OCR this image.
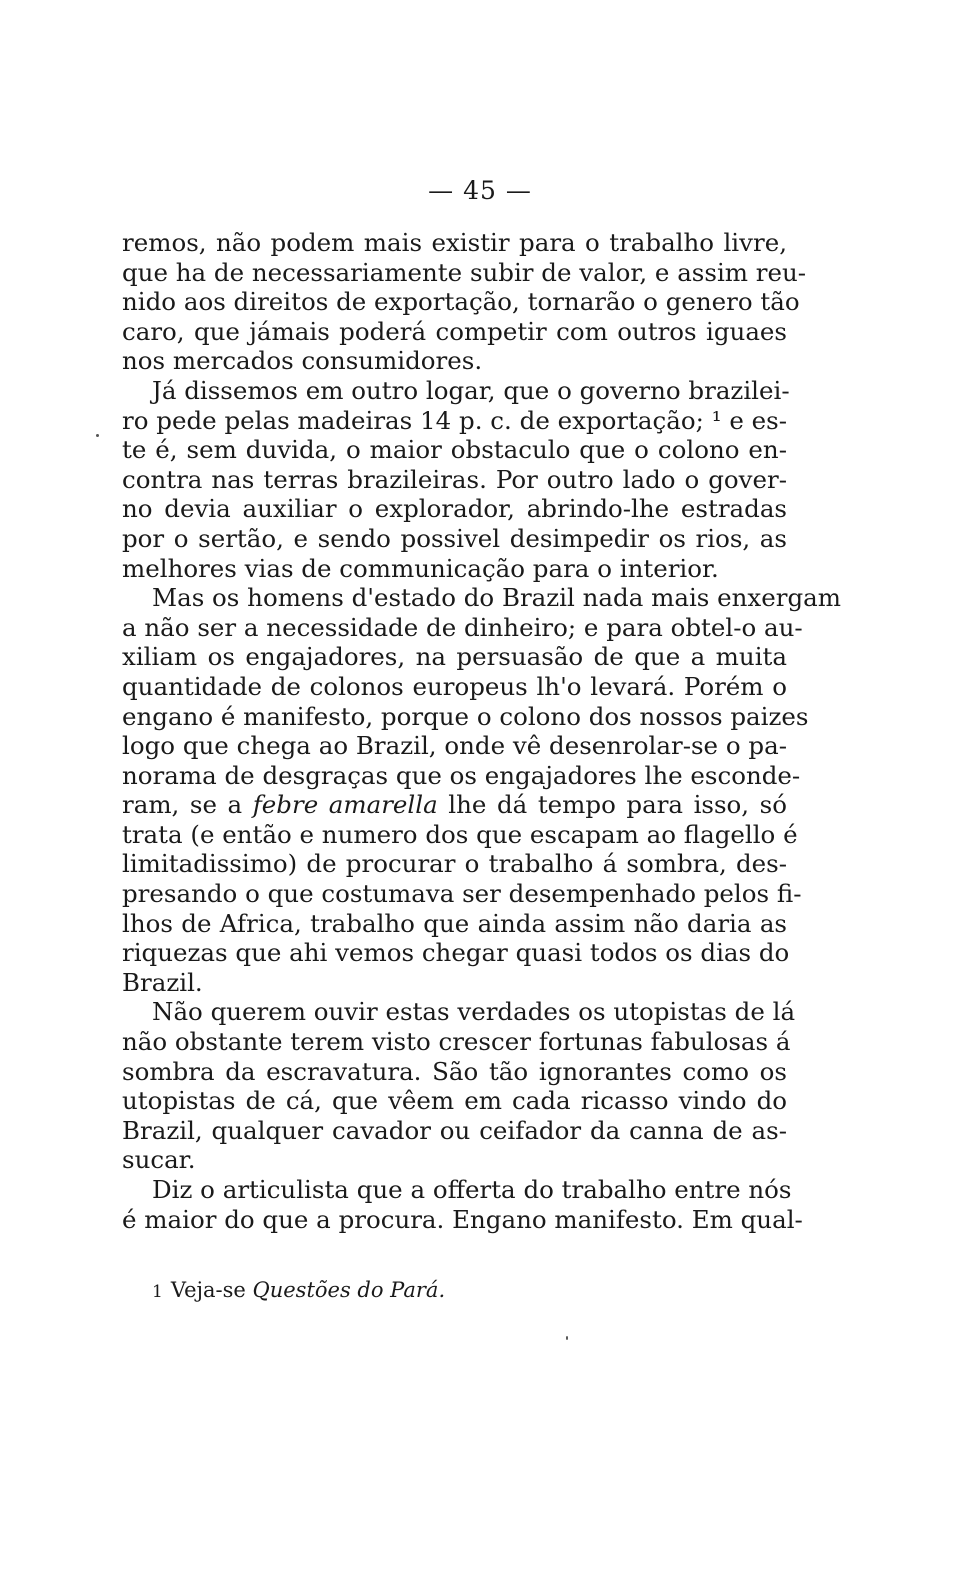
— 45 —
remos, não podem mais existir para o trabalho livre,
que ha de necessariamente subir de valor, e assim reu-
nido aos direitos de exportação, tornarão o genero tão
caro, que jámais poderá competir com outros iguaes
nos mercados consumidores.
Já dissemos em outro logar, que o governo brazilei-
ro pede pelas madeiras 14 p. c. de exportação; ¹ e es-
te é, sem duvida, o maior obstaculo que o colono en-
contra nas terras brazileiras. Por outro lado o gover-
no devia auxiliar o explorador, abrindo-lhe estradas
por o sertão, e sendo possivel desimpedir os rios, as
melhores vias de communicação para o interior.
Mas os homens d'estado do Brazil nada mais enxergam
a não ser a necessidade de dinheiro; e para obtel-o au-
xiliam os engajadores, na persuasão de que a muita
quantidade de colonos europeus lh'o levará. Porém o
engano é manifesto, porque o colono dos nossos paizes
logo que chega ao Brazil, onde vê desenrolar-se o pa-
norama de desgraças que os engajadores lhe esconde-
ram, se a febre amarella lhe dá tempo para isso, só
trata (e então e numero dos que escapam ao flagello é
limitadissimo) de procurar o trabalho á sombra, des-
presando o que costumava ser desempenhado pelos fi-
lhos de Africa, trabalho que ainda assim não daria as
riquezas que ahi vemos chegar quasi todos os dias do
Brazil.
Não querem ouvir estas verdades os utopistas de lá
não obstante terem visto crescer fortunas fabulosas á
sombra da escravatura. São tão ignorantes como os
utopistas de cá, que vêem em cada ricasso vindo do
Brazil, qualquer cavador ou ceifador da canna de as-
sucar.
Diz o articulista que a offerta do trabalho entre nós
é maior do que a procura. Engano manifesto. Em qual-
1 Veja-se Questões do Pará.
